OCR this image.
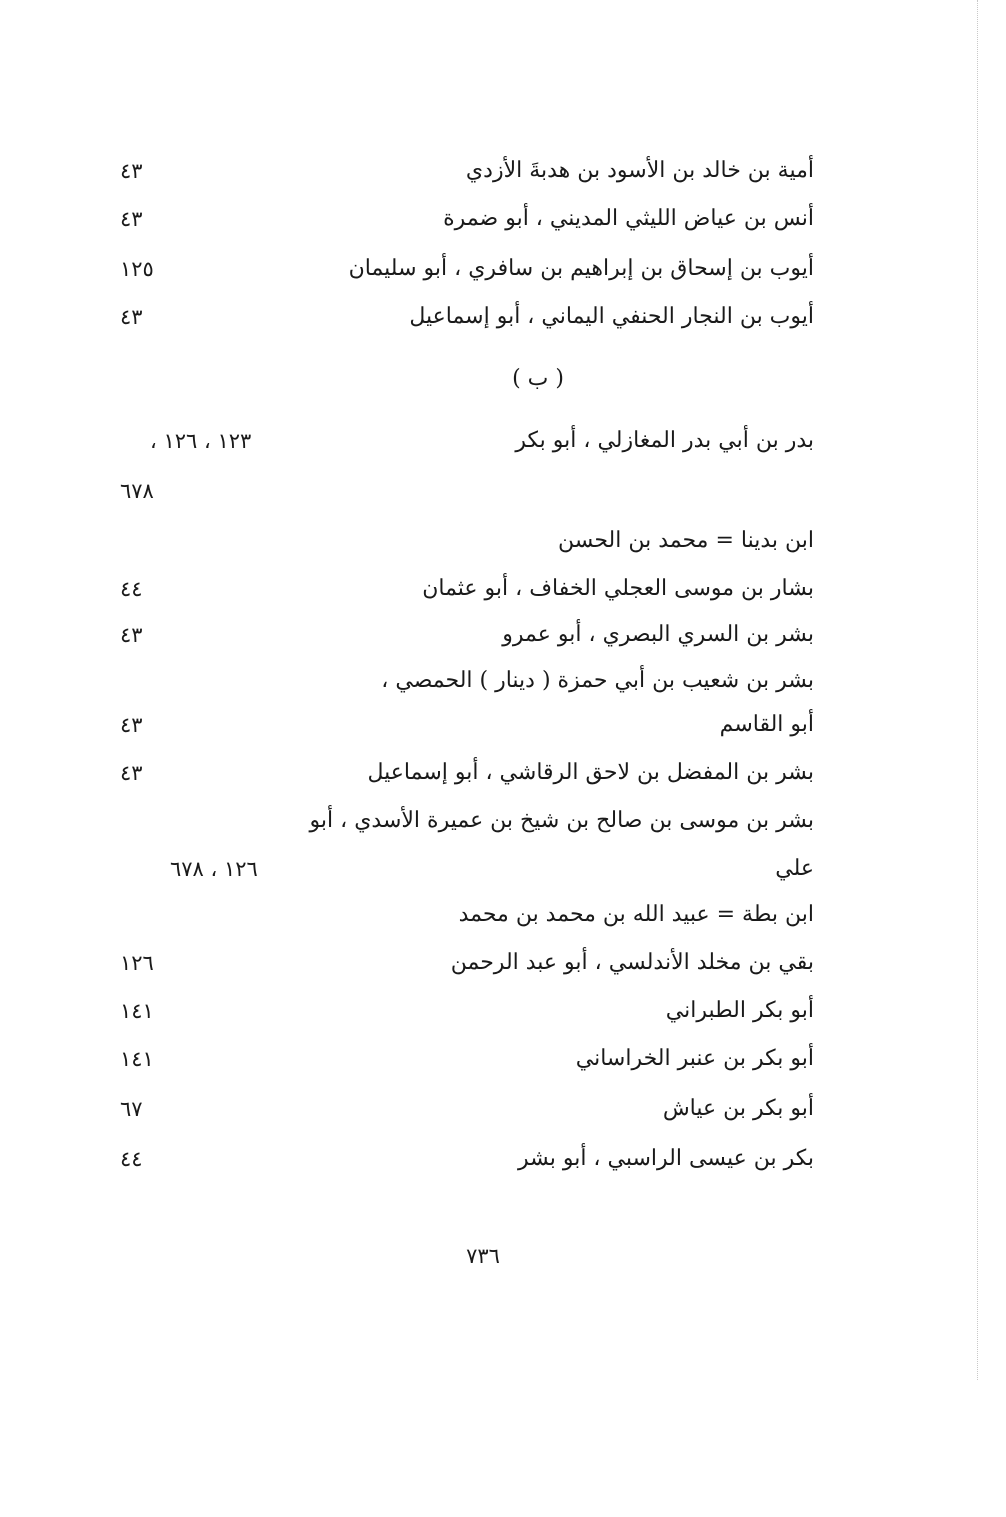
أمية بن خالد بن الأسود بن هدبةَ الأزدي
٤٣
أنس بن عياض الليثي المديني ، أبو ضمرة
٤٣
أيوب بن إسحاق بن إبراهيم بن سافري ، أبو سليمان
١٢٥
أيوب بن النجار الحنفي اليماني ، أبو إسماعيل
٤٣
( ب )
بدر بن أبي بدر المغازلي ، أبو بكر
١٢٣ ، ١٢٦ ،
٦٧٨
ابن بدينا = محمد بن الحسن
بشار بن موسى العجلي الخفاف ، أبو عثمان
٤٤
بشر بن السري البصري ، أبو عمرو
٤٣
بشر بن شعيب بن أبي حمزة ( دينار ) الحمصي ،
أبو القاسم
٤٣
بشر بن المفضل بن لاحق الرقاشي ، أبو إسماعيل
٤٣
بشر بن موسى بن صالح بن شيخ بن عميرة الأسدي ، أبو
علي
١٢٦ ، ٦٧٨
ابن بطة = عبيد الله بن محمد بن محمد
بقي بن مخلد الأندلسي ، أبو عبد الرحمن
١٢٦
أبو بكر الطبراني
١٤١
أبو بكر بن عنبر الخراساني
١٤١
أبو بكر بن عياش
٦٧
بكر بن عيسى الراسبي ، أبو بشر
٤٤
٧٣٦
